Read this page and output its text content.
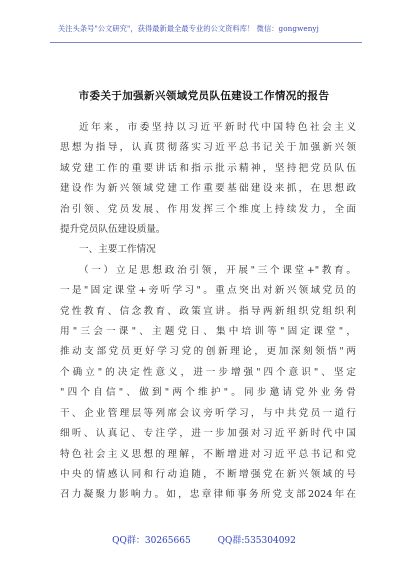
关注头条号"公文研究"，获得最新最全最专业的公文资料库！ 微信：gongwenyj
市委关于加强新兴领域党员队伍建设工作情况的报告

近年来，市委坚持以习近平新时代中国特色社会主义

思想为指导，认真贯彻落实习近平总书记关于加强新兴领

域党建工作的重要讲话和指示批示精神，坚持把党员队伍

建设作为新兴领域党建工作重要基础建设来抓，在思想政

治引领、党员发展、作用发挥三个维度上持续发力，全面

提升党员队伍建设质量。

一、主要工作情况

（一）立足思想政治引领，开展"三个课堂+"教育。

一是"固定课堂+旁听学习"。重点突出对新兴领域党员的

党性教育、信念教育、政策宣讲。指导两新组织党组织利

用"三会一课"、主题党日、集中培训等"固定课堂"，

推动支部党员更好学习党的创新理论，更加深刻领悟"两

个确立"的决定性意义，进一步增强"四个意识"、坚定

"四个自信"、做到"两个维护"。同步邀请党外业务骨

干、企业管理层等列席会议旁听学习，与中共党员一道行

细听、认真记、专注学，进一步加强对习近平新时代中国

特色社会主义思想的理解，不断增进对习近平总书记和党

中央的情感认同和行动追随，不断增强党在新兴领域的号

召力凝聚力影响力。如，忠章律师事务所党支部2024年在

QQ群：30265665	QQ群:535304092
